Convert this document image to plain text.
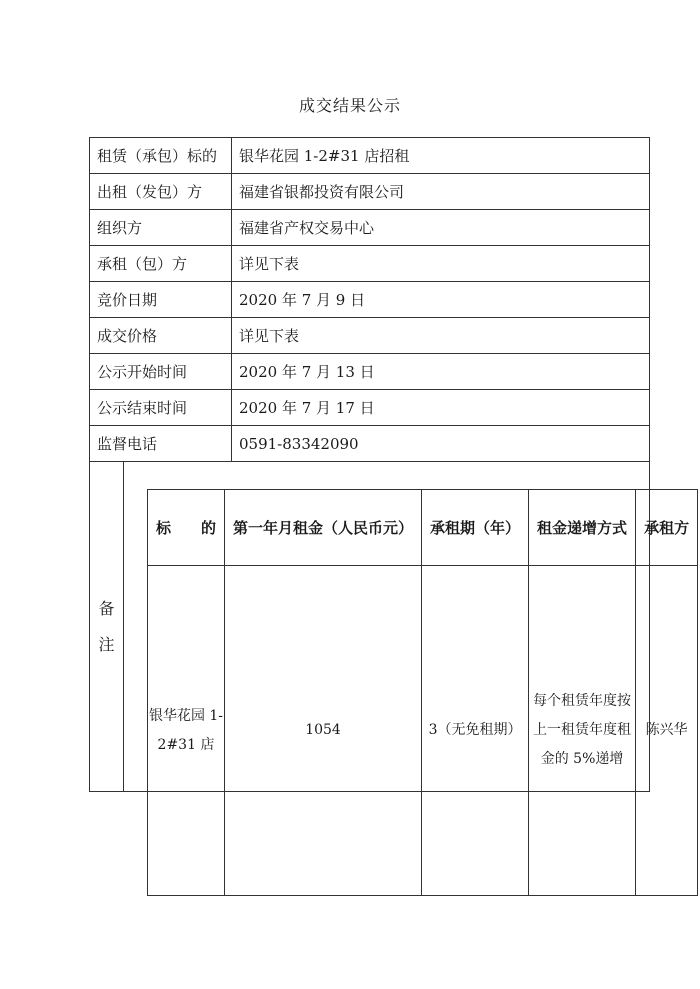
成交结果公示
租赁（承包）标的	银华花园 1-2#31 店招租
出租（发包）方	福建省银都投资有限公司
组织方	福建省产权交易中心
承租（包）方	详见下表
竞价日期	2020 年 7 月 9 日
成交价格	详见下表
公示开始时间	2020 年 7 月 13 日
公示结束时间	2020 年 7 月 17 日
监督电话	0591-83342090

备注
标　　的	第一年月租金（人民币元）	承租期（年）	租金递增方式	承租方
银华花园 1-2#31 店	1054	3（无免租期）	每个租赁年度按上一租赁年度租金的 5%递增	陈兴华
